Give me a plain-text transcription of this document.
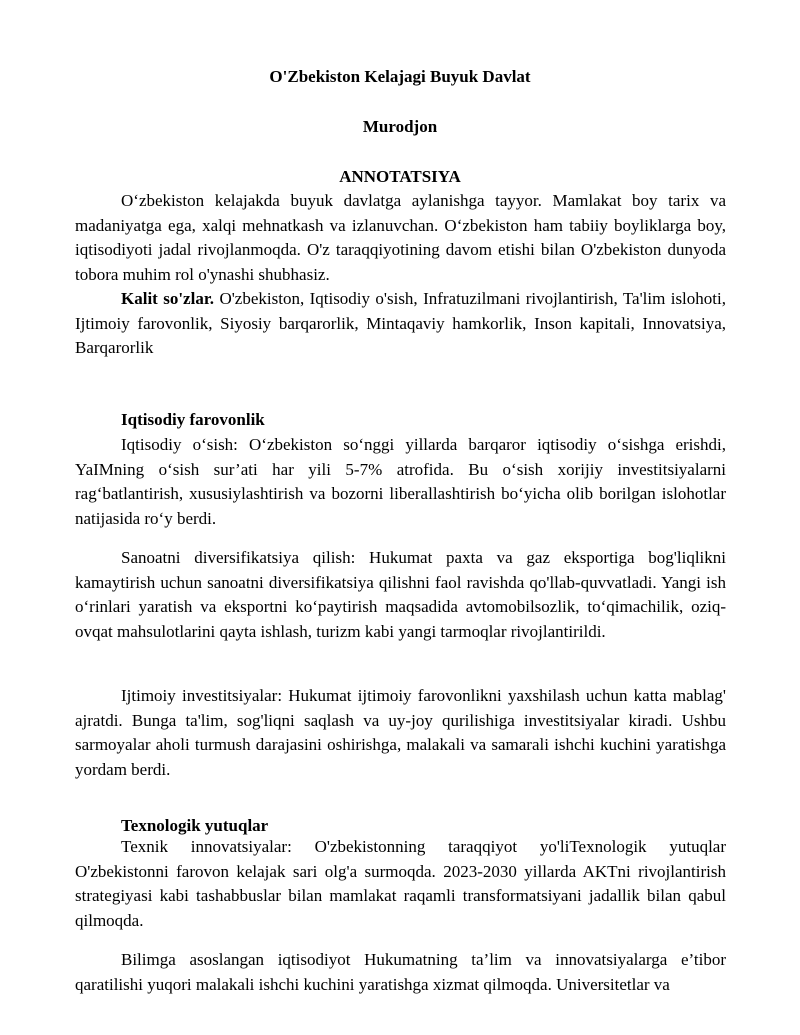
O'Zbekiston Kelajagi Buyuk Davlat
Murodjon
ANNOTATSIYA

O‘zbekiston kelajakda buyuk davlatga aylanishga tayyor. Mamlakat boy tarix va madaniyatga ega, xalqi mehnatkash va izlanuvchan. O‘zbekiston ham tabiiy boyliklarga boy, iqtisodiyoti jadal rivojlanmoqda. O'z taraqqiyotining davom etishi bilan O'zbekiston dunyoda tobora muhim rol o'ynashi shubhasiz.

Kalit so'zlar. O'zbekiston, Iqtisodiy o'sish, Infratuzilmani rivojlantirish, Ta'lim islohoti, Ijtimoiy farovonlik, Siyosiy barqarorlik, Mintaqaviy hamkorlik, Inson kapitali, Innovatsiya, Barqarorlik

Iqtisodiy farovonlik

Iqtisodiy o‘sish: O‘zbekiston so‘nggi yillarda barqaror iqtisodiy o‘sishga erishdi, YaIMning o‘sish sur’ati har yili 5-7% atrofida. Bu o‘sish xorijiy investitsiyalarni rag‘batlantirish, xususiylashtirish va bozorni liberallashtirish bo‘yicha olib borilgan islohotlar natijasida ro‘y berdi.

Sanoatni diversifikatsiya qilish: Hukumat paxta va gaz eksportiga bog'liqlikni kamaytirish uchun sanoatni diversifikatsiya qilishni faol ravishda qo'llab-quvvatladi. Yangi ish o‘rinlari yaratish va eksportni ko‘paytirish maqsadida avtomobilsozlik, to‘qimachilik, oziq-ovqat mahsulotlarini qayta ishlash, turizm kabi yangi tarmoqlar rivojlantirildi.

Ijtimoiy investitsiyalar: Hukumat ijtimoiy farovonlikni yaxshilash uchun katta mablag' ajratdi. Bunga ta'lim, sog'liqni saqlash va uy-joy qurilishiga investitsiyalar kiradi. Ushbu sarmoyalar aholi turmush darajasini oshirishga, malakali va samarali ishchi kuchini yaratishga yordam berdi.

Texnologik yutuqlar

Texnik innovatsiyalar: O'zbekistonning taraqqiyot yo'liTexnologik yutuqlar O'zbekistonni farovon kelajak sari olg'a surmoqda. 2023-2030 yillarda AKTni rivojlantirish strategiyasi kabi tashabbuslar bilan mamlakat raqamli transformatsiyani jadallik bilan qabul qilmoqda.

Bilimga asoslangan iqtisodiyot Hukumatning ta’lim va innovatsiyalarga e’tibor qaratilishi yuqori malakali ishchi kuchini yaratishga xizmat qilmoqda. Universitetlar va
